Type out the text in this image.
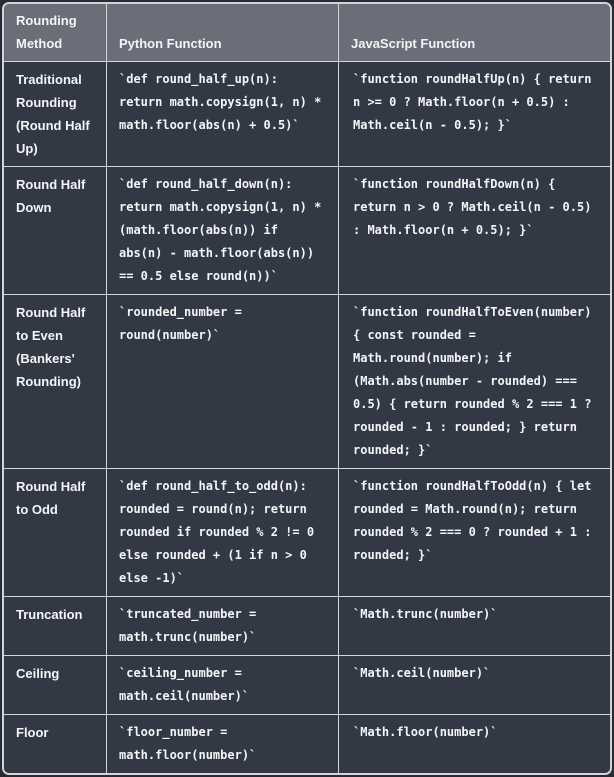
Rounding Method	Python Function	JavaScript Function
Traditional Rounding (Round Half Up)	`def round_half_up(n): return math.copysign(1, n) * math.floor(abs(n) + 0.5)`	`function roundHalfUp(n) { return n >= 0 ? Math.floor(n + 0.5) : Math.ceil(n - 0.5); }`
Round Half Down	`def round_half_down(n): return math.copysign(1, n) * (math.floor(abs(n)) if abs(n) - math.floor(abs(n)) == 0.5 else round(n))`	`function roundHalfDown(n) { return n > 0 ? Math.ceil(n - 0.5) : Math.floor(n + 0.5); }`
Round Half to Even (Bankers' Rounding)	`rounded_number = round(number)`	`function roundHalfToEven(number) { const rounded = Math.round(number); if (Math.abs(number - rounded) === 0.5) { return rounded % 2 === 1 ? rounded - 1 : rounded; } return rounded; }`
Round Half to Odd	`def round_half_to_odd(n): rounded = round(n); return rounded if rounded % 2 != 0 else rounded + (1 if n > 0 else -1)`	`function roundHalfToOdd(n) { let rounded = Math.round(n); return rounded % 2 === 0 ? rounded + 1 : rounded; }`
Truncation	`truncated_number = math.trunc(number)`	`Math.trunc(number)`
Ceiling	`ceiling_number = math.ceil(number)`	`Math.ceil(number)`
Floor	`floor_number = math.floor(number)`	`Math.floor(number)`
